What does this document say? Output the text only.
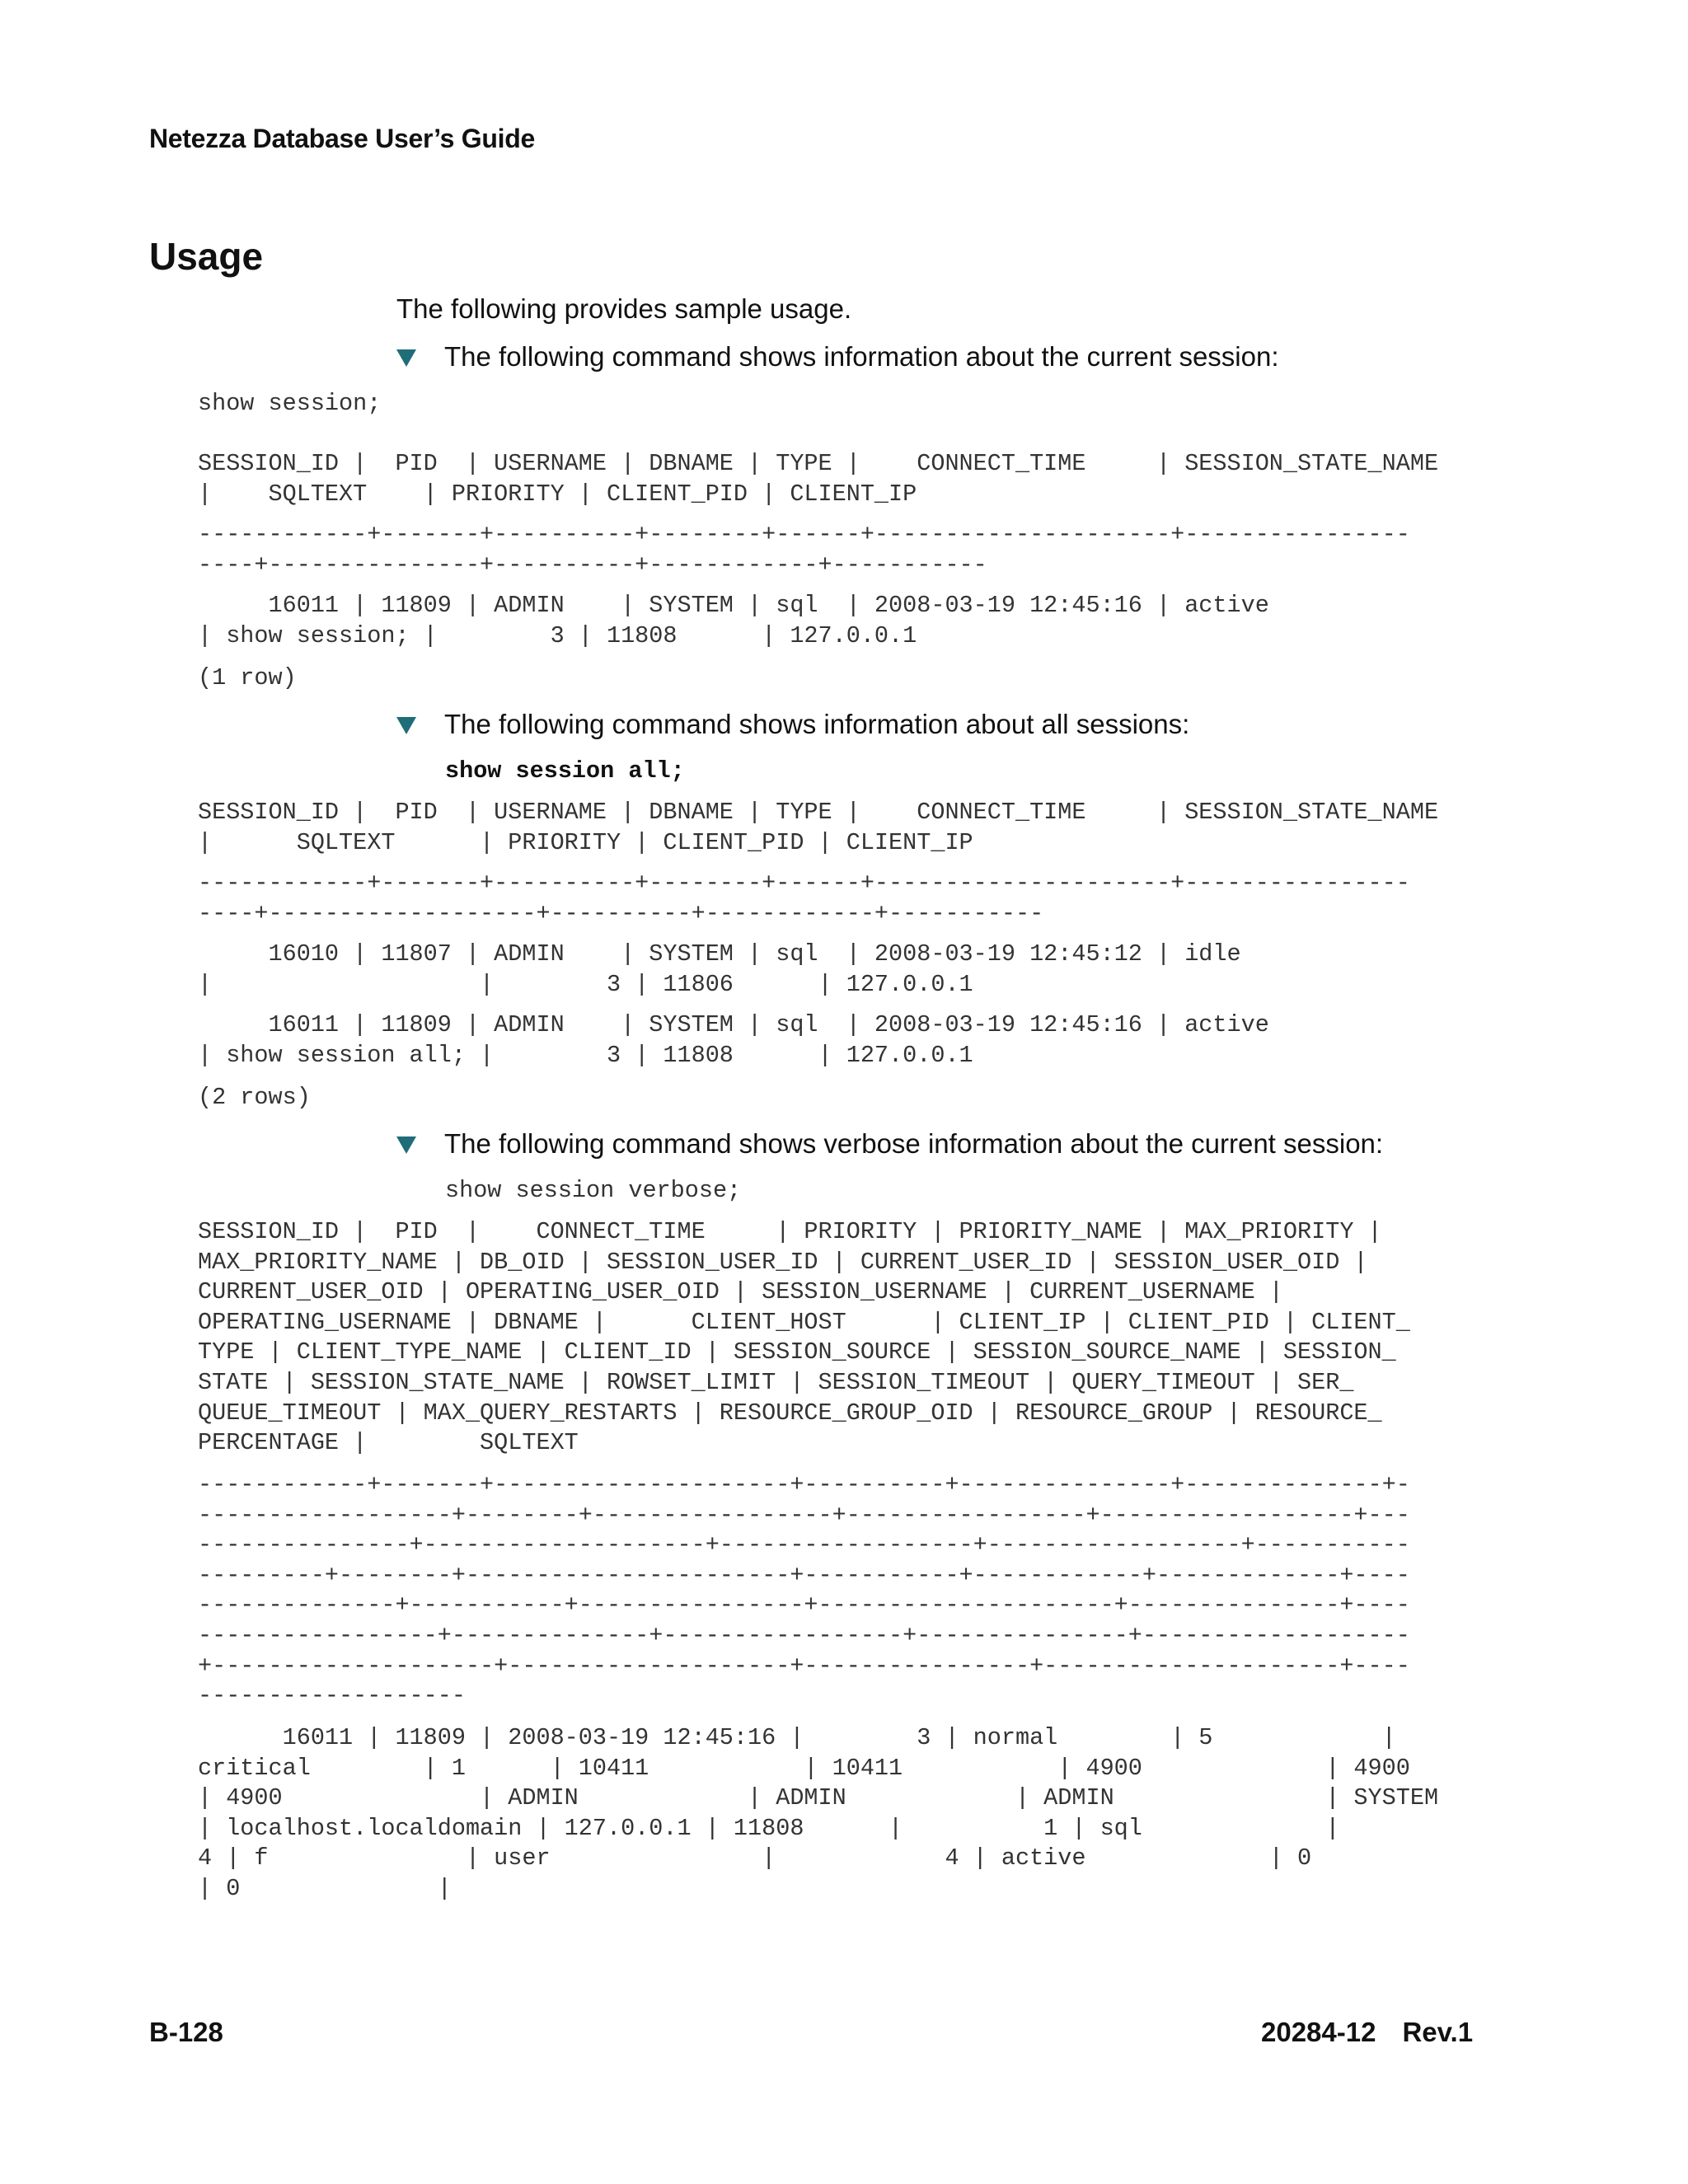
Netezza Database User’s Guide
Usage
The following provides sample usage.
The following command shows information about the current session:
show session;
SESSION_ID |  PID  | USERNAME | DBNAME | TYPE |    CONNECT_TIME     | SESSION_STATE_NAME
|    SQLTEXT    | PRIORITY | CLIENT_PID | CLIENT_IP
------------+-------+----------+--------+------+---------------------+----------------
----+---------------+----------+------------+-----------
16011 | 11809 | ADMIN    | SYSTEM | sql  | 2008-03-19 12:45:16 | active
| show session; |        3 | 11808      | 127.0.0.1
(1 row)
The following command shows information about all sessions:
show session all;
SESSION_ID |  PID  | USERNAME | DBNAME | TYPE |    CONNECT_TIME     | SESSION_STATE_NAME
|      SQLTEXT      | PRIORITY | CLIENT_PID | CLIENT_IP
------------+-------+----------+--------+------+---------------------+----------------
----+-------------------+----------+------------+-----------
16010 | 11807 | ADMIN    | SYSTEM | sql  | 2008-03-19 12:45:12 | idle
|                   |        3 | 11806      | 127.0.0.1
16011 | 11809 | ADMIN    | SYSTEM | sql  | 2008-03-19 12:45:16 | active
| show session all; |        3 | 11808      | 127.0.0.1
(2 rows)
The following command shows verbose information about the current session:
show session verbose;
SESSION_ID |  PID  |    CONNECT_TIME     | PRIORITY | PRIORITY_NAME | MAX_PRIORITY |
MAX_PRIORITY_NAME | DB_OID | SESSION_USER_ID | CURRENT_USER_ID | SESSION_USER_OID |
CURRENT_USER_OID | OPERATING_USER_OID | SESSION_USERNAME | CURRENT_USERNAME |
OPERATING_USERNAME | DBNAME |      CLIENT_HOST      | CLIENT_IP | CLIENT_PID | CLIENT_
TYPE | CLIENT_TYPE_NAME | CLIENT_ID | SESSION_SOURCE | SESSION_SOURCE_NAME | SESSION_
STATE | SESSION_STATE_NAME | ROWSET_LIMIT | SESSION_TIMEOUT | QUERY_TIMEOUT | SER_
QUEUE_TIMEOUT | MAX_QUERY_RESTARTS | RESOURCE_GROUP_OID | RESOURCE_GROUP | RESOURCE_
PERCENTAGE |        SQLTEXT
------------+-------+---------------------+----------+---------------+--------------+-
------------------+--------+-----------------+-----------------+------------------+---
---------------+--------------------+------------------+------------------+-----------
---------+--------+-----------------------+-----------+------------+-------------+----
--------------+-----------+----------------+---------------------+---------------+----
-----------------+--------------+-----------------+---------------+-------------------
+--------------------+--------------------+----------------+---------------------+----
-------------------
16011 | 11809 | 2008-03-19 12:45:16 |        3 | normal        | 5            |
critical        | 1      | 10411           | 10411           | 4900             | 4900
| 4900              | ADMIN            | ADMIN            | ADMIN               | SYSTEM
| localhost.localdomain | 127.0.0.1 | 11808      |          1 | sql             |
4 | f              | user               |            4 | active             | 0
| 0              |
B-128	20284-12 Rev.1
